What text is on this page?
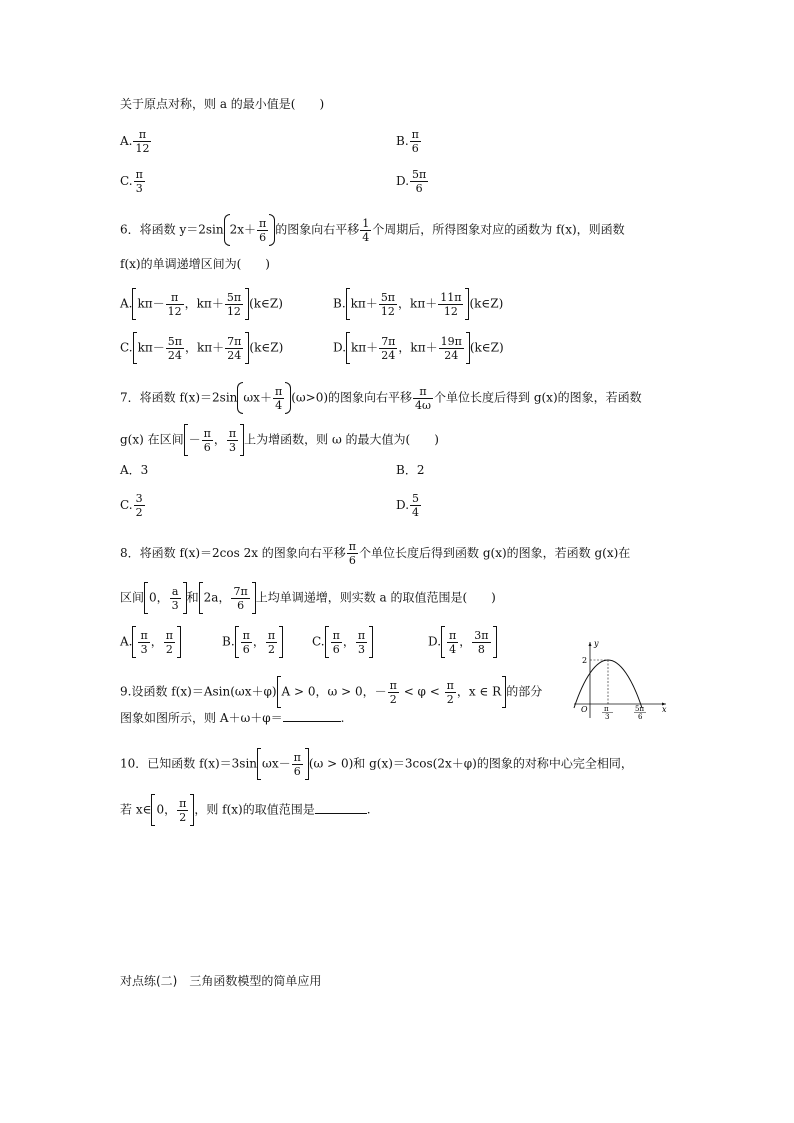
关于原点对称，则 a 的最小值是(　　)
A. $\frac{\pi}{12}$	B. $\frac{\pi}{6}$
C. $\frac{\pi}{3}$	D. $\frac{5\pi}{6}$
6．将函数 y＝2sin $2x+ \frac{\pi}{6}$ 的图象向右平移 $\frac{1}{4}$ 个周期后，所得图象对应的函数为 f(x)，则函数
f(x)的单调递增区间为(　　)
A. $k\pi- \frac{\pi}{12}$ ，$k\pi+ \frac{5\pi}{12}$ (k∈Z)	B. $k\pi+ \frac{5\pi}{12}$ ，$k\pi+ \frac{11\pi}{12}$ (k∈Z)
C. $k\pi- \frac{5\pi}{24}$ ，$k\pi+ \frac{7\pi}{24}$ (k∈Z)	D. $k\pi+ \frac{7\pi}{24}$ ，$k\pi+ \frac{19\pi}{24}$ (k∈Z)
7．将函数 f(x)＝2sin $\omega x+ \frac{\pi}{4} (\omega>0)$的图象向右平移 $\frac{\pi}{4\omega}$ 个单位长度后得到 g(x)的图象，若函数
g(x) 在区间 － $\frac{\pi}{6}$ ， $\frac{\pi}{3}$ 上为增函数，则 ω 的最大值为(　　)
A．3	B．2
C. $\frac{3}{2}$	D. $\frac{5}{4}$
8．将函数 f(x)＝2cos 2x 的图象向右平移 $\frac{\pi}{6}$ 个单位长度后得到函数 g(x)的图象，若函数 g(x)在
区间 0， $\frac{a}{3}$ 和 2a， $\frac{7\pi}{6}$ 上均单调递增，则实数 a 的取值范围是(　　)
A. $\frac{\pi}{3}$ ， $\frac{\pi}{2}$	B. $\frac{\pi}{6}$ ， $\frac{\pi}{2}$	C. $\frac{\pi}{6}$ ， $\frac{\pi}{3}$	D. $\frac{\pi}{4}$ ， $\frac{3\pi}{8}$
9.设函数 f(x)＝Asin(ωx＋φ) A > 0，ω > 0，－ $\frac{\pi}{2} < \varphi < \frac{\pi}{2}$ ，x ∈ R 的部分
图象如图所示，则 A＋ω＋φ＝	.
y
x
O
2
π
3
5π
6
10．已知函数 f(x)＝3sin $\omega x- \frac{\pi}{6} (\omega > 0)$和 g(x)＝3cos(2x＋φ)的图象的对称中心完全相同，
若 x∈ 0， $\frac{\pi}{2}$ ，则 f(x)的取值范围是	.
对点练(二)　三角函数模型的简单应用
